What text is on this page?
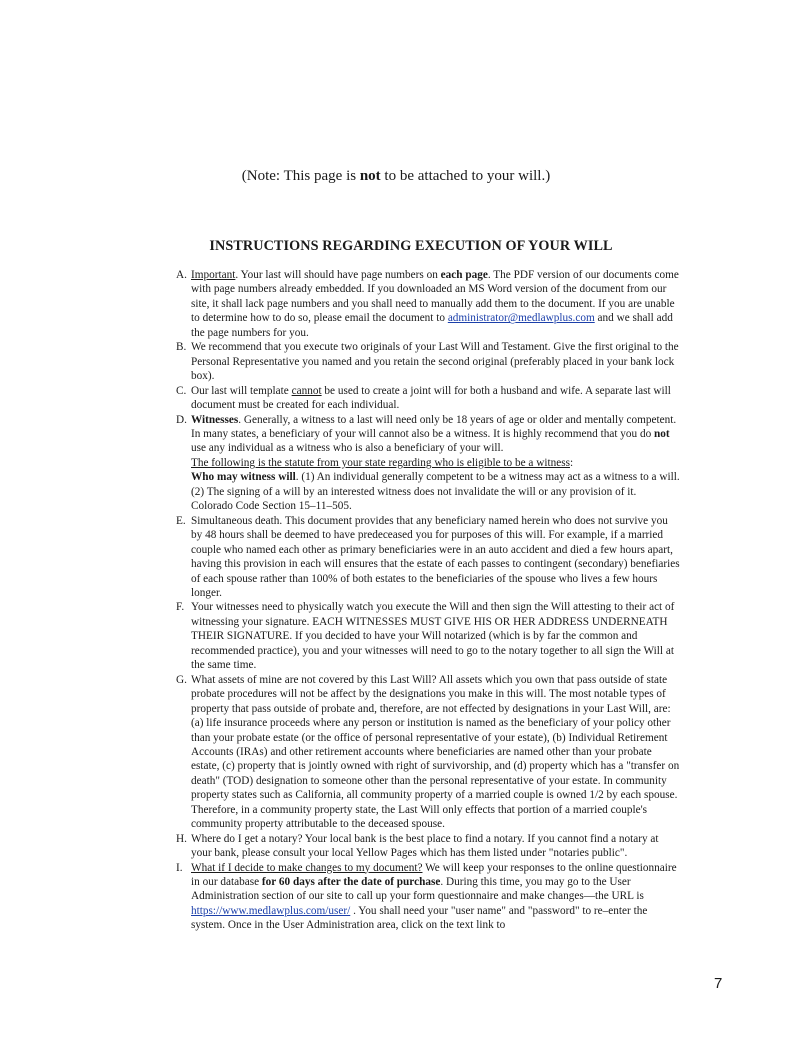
(Note: This page is not to be attached to your will.)
INSTRUCTIONS REGARDING EXECUTION OF YOUR WILL
A. Important. Your last will should have page numbers on each page. The PDF version of our documents come with page numbers already embedded. If you downloaded an MS Word version of the document from our site, it shall lack page numbers and you shall need to manually add them to the document. If you are unable to determine how to do so, please email the document to administrator@medlawplus.com and we shall add the page numbers for you.
B. We recommend that you execute two originals of your Last Will and Testament. Give the first original to the Personal Representative you named and you retain the second original (preferably placed in your bank lock box).
C. Our last will template cannot be used to create a joint will for both a husband and wife. A separate last will document must be created for each individual.
D. Witnesses. Generally, a witness to a last will need only be 18 years of age or older and mentally competent. In many states, a beneficiary of your will cannot also be a witness. It is highly recommend that you do not use any individual as a witness who is also a beneficiary of your will.
The following is the statute from your state regarding who is eligible to be a witness:
Who may witness will. (1) An individual generally competent to be a witness may act as a witness to a will. (2) The signing of a will by an interested witness does not invalidate the will or any provision of it. Colorado Code Section 15–11–505.
E. Simultaneous death. This document provides that any beneficiary named herein who does not survive you by 48 hours shall be deemed to have predeceased you for purposes of this will. For example, if a married couple who named each other as primary beneficiaries were in an auto accident and died a few hours apart, having this provision in each will ensures that the estate of each passes to contingent (secondary) benefiaries of each spouse rather than 100% of both estates to the beneficiaries of the spouse who lives a few hours longer.
F. Your witnesses need to physically watch you execute the Will and then sign the Will attesting to their act of witnessing your signature. EACH WITNESSES MUST GIVE HIS OR HER ADDRESS UNDERNEATH THEIR SIGNATURE. If you decided to have your Will notarized (which is by far the common and recommended practice), you and your witnesses will need to go to the notary together to all sign the Will at the same time.
G. What assets of mine are not covered by this Last Will? All assets which you own that pass outside of state probate procedures will not be affect by the designations you make in this will. The most notable types of property that pass outside of probate and, therefore, are not effected by designations in your Last Will, are: (a) life insurance proceeds where any person or institution is named as the beneficiary of your policy other than your probate estate (or the office of personal representative of your estate), (b) Individual Retirement Accounts (IRAs) and other retirement accounts where beneficiaries are named other than your probate estate, (c) property that is jointly owned with right of survivorship, and (d) property which has a "transfer on death" (TOD) designation to someone other than the personal representative of your estate. In community property states such as California, all community property of a married couple is owned 1/2 by each spouse. Therefore, in a community property state, the Last Will only effects that portion of a married couple's community property attributable to the deceased spouse.
H. Where do I get a notary? Your local bank is the best place to find a notary. If you cannot find a notary at your bank, please consult your local Yellow Pages which has them listed under "notaries public".
I. What if I decide to make changes to my document? We will keep your responses to the online questionnaire in our database for 60 days after the date of purchase. During this time, you may go to the User Administration section of our site to call up your form questionnaire and make changes—the URL is https://www.medlawplus.com/user/ . You shall need your "user name" and "password" to re–enter the system. Once in the User Administration area, click on the text link to
7
